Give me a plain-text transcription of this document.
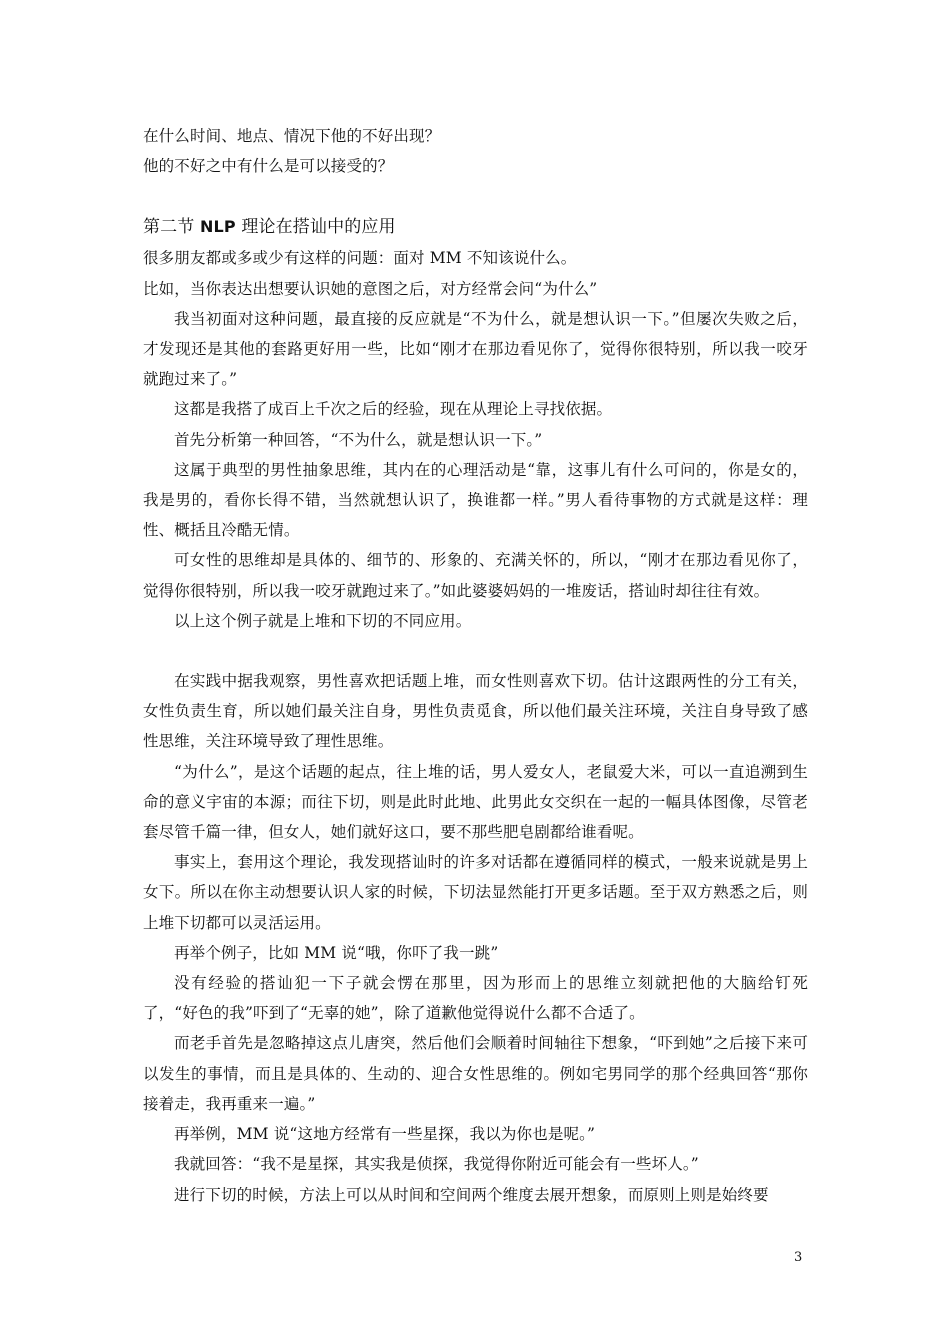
在什么时间、地点、情况下他的不好出现？

他的不好之中有什么是可以接受的？

第二节 NLP 理论在搭讪中的应用

很多朋友都或多或少有这样的问题：面对 MM 不知该说什么。

比如，当你表达出想要认识她的意图之后，对方经常会问“为什么”

我当初面对这种问题，最直接的反应就是“不为什么，就是想认识一下。”但屡次失败之后，才发现还是其他的套路更好用一些，比如“刚才在那边看见你了，觉得你很特别，所以我一咬牙就跑过来了。”

这都是我搭了成百上千次之后的经验，现在从理论上寻找依据。

首先分析第一种回答，“不为什么，就是想认识一下。”

这属于典型的男性抽象思维，其内在的心理活动是“靠，这事儿有什么可问的，你是女的，我是男的，看你长得不错，当然就想认识了，换谁都一样。”男人看待事物的方式就是这样：理性、概括且冷酷无情。

可女性的思维却是具体的、细节的、形象的、充满关怀的，所以，“刚才在那边看见你了，觉得你很特别，所以我一咬牙就跑过来了。”如此婆婆妈妈的一堆废话，搭讪时却往往有效。

以上这个例子就是上堆和下切的不同应用。

在实践中据我观察，男性喜欢把话题上堆，而女性则喜欢下切。估计这跟两性的分工有关，女性负责生育，所以她们最关注自身，男性负责觅食，所以他们最关注环境，关注自身导致了感性思维，关注环境导致了理性思维。

“为什么”，是这个话题的起点，往上堆的话，男人爱女人，老鼠爱大米，可以一直追溯到生命的意义宇宙的本源；而往下切，则是此时此地、此男此女交织在一起的一幅具体图像，尽管老套尽管千篇一律，但女人，她们就好这口，要不那些肥皂剧都给谁看呢。

事实上，套用这个理论，我发现搭讪时的许多对话都在遵循同样的模式，一般来说就是男上女下。所以在你主动想要认识人家的时候，下切法显然能打开更多话题。至于双方熟悉之后，则上堆下切都可以灵活运用。

再举个例子，比如 MM 说“哦，你吓了我一跳”

没有经验的搭讪犯一下子就会愣在那里，因为形而上的思维立刻就把他的大脑给钉死了，“好色的我”吓到了“无辜的她”，除了道歉他觉得说什么都不合适了。

而老手首先是忽略掉这点儿唐突，然后他们会顺着时间轴往下想象，“吓到她”之后接下来可以发生的事情，而且是具体的、生动的、迎合女性思维的。例如宅男同学的那个经典回答“那你接着走，我再重来一遍。”

再举例，MM 说“这地方经常有一些星探，我以为你也是呢。”

我就回答：“我不是星探，其实我是侦探，我觉得你附近可能会有一些坏人。”

进行下切的时候，方法上可以从时间和空间两个维度去展开想象，而原则上则是始终要

3
